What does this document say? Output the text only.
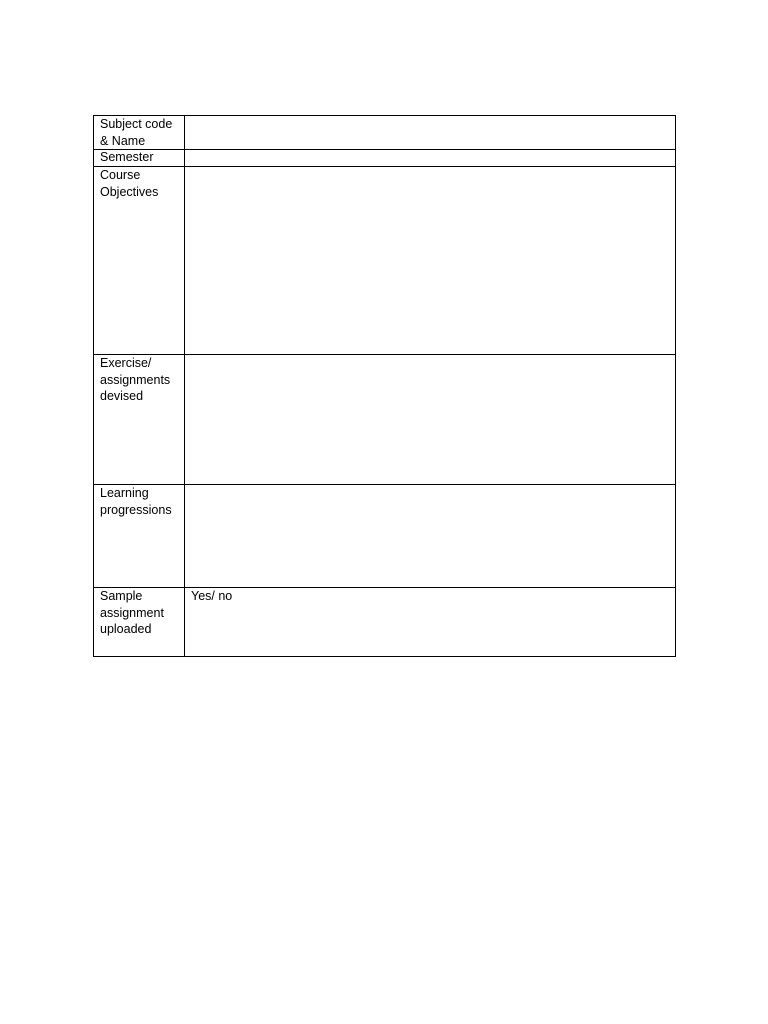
Subject code & Name	

Semester	

Course Objectives	

Exercise/ assignments devised	

Learning progressions	

Sample assignment uploaded	Yes/ no
